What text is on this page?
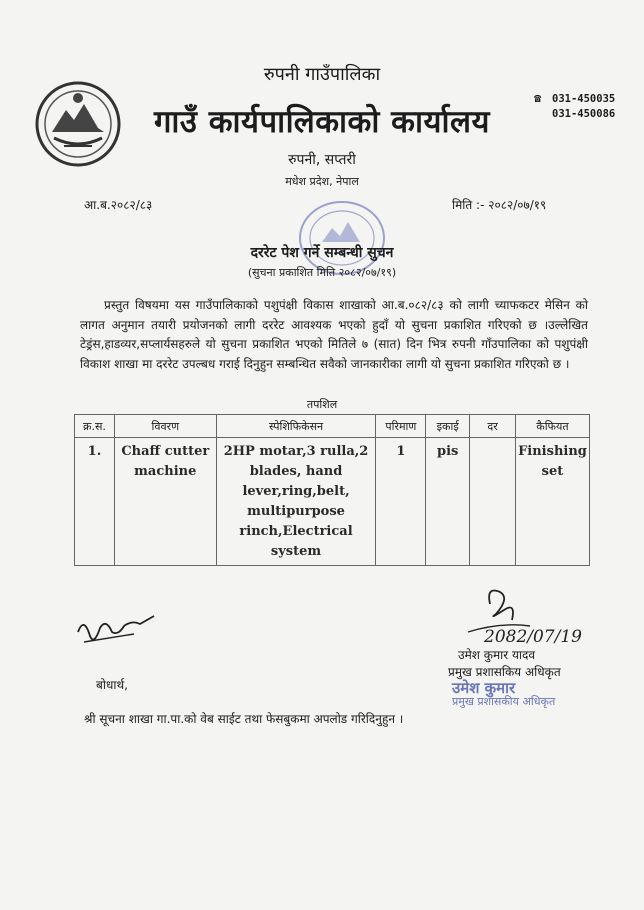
रुपनी गाउँपालिका
गाउँ कार्यपालिकाको कार्यालय
☎ 031-450035
031-450086
रुपनी, सप्तरी
मधेश प्रदेश, नेपाल
आ.ब.२०८२/८३	मिति :- २०८२/०७/१९
दररेट पेश गर्ने सम्बन्धी सुचन
(सुचना प्रकाशित मिति २०८२/०७/१९)
प्रस्तुत विषयमा यस गाउँपालिकाको पशुपंक्षी विकास शाखाको आ.ब.०८२/८३ को लागी च्याफकटर मेसिन को लागत अनुमान तयारी प्रयोजनको लागी दररेट आवश्यक भएको हुदाँ यो सुचना प्रकाशित गरिएको छ ।उल्लेखित टेड्रंस,हाडव्यर,सप्लार्यसहरुले यो सुचना प्रकाशित भएको मितिले ७ (सात) दिन भित्र रुपनी गाँउपालिका को पशुपंक्षी विकाश शाखा मा दररेट उपल्बध गराई दिनुहुन सम्बन्धित सवैको जानकारीका लागी यो सुचना प्रकाशित गरिएको छ ।
तपशिल
क्र.स.	विवरण	स्पेशिफिकेसन	परिमाण	इकाई	दर	कैफियत
1.	Chaff cutter machine	2HP motar,3 rulla,2 blades, hand lever,ring,belt, multipurpose rinch,Electrical system	1	pis		Finishing set
2082/07/19
उमेश कुमार यादव
प्रमुख प्रशासकिय अधिकृत
उमेश कुमार
प्रमुख प्रशासकीय अधिकृत
बोधार्थ,
श्री सूचना शाखा गा.पा.को वेब साईट तथा फेसबुकमा अपलोड गरिदिनुहुन ।
